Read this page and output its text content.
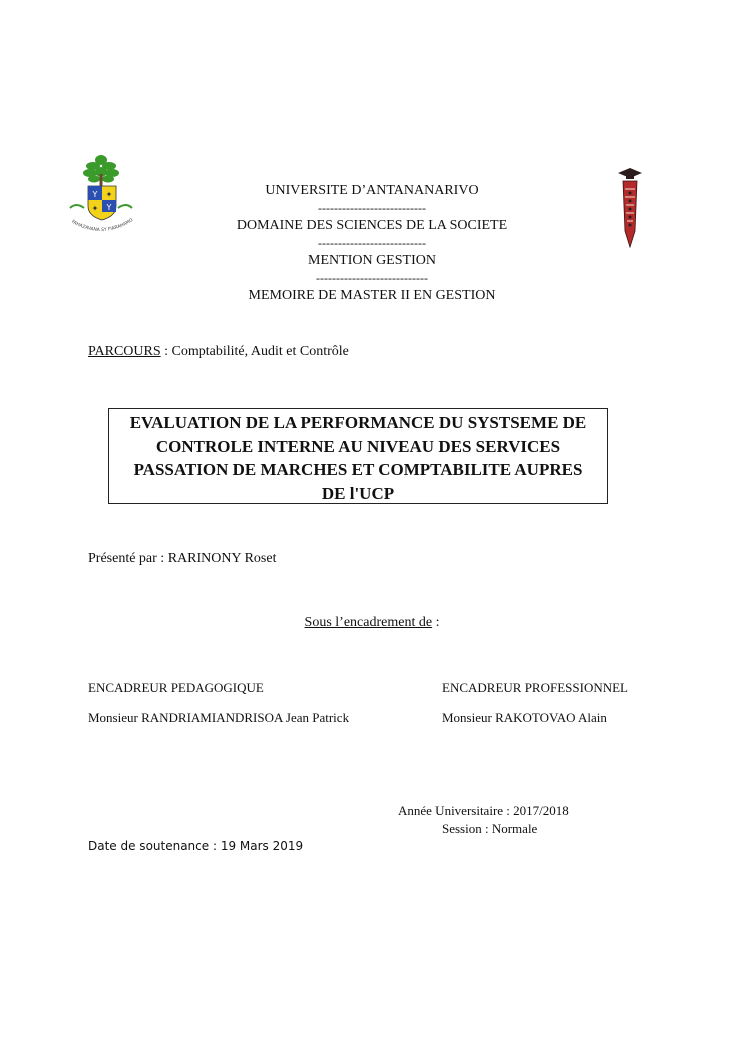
Y ✦
✦ Y
FAHAZAVANA SY FIARAHAMO
UNIVERSITE D’ANTANANARIVO
---------------------------
DOMAINE DES SCIENCES DE LA SOCIETE
---------------------------
MENTION GESTION
----------------------------
MEMOIRE DE MASTER II EN GESTION
PARCOURS : Comptabilité, Audit et Contrôle
EVALUATION DE LA PERFORMANCE DU SYSTSEME DE
CONTROLE INTERNE AU NIVEAU DES SERVICES
PASSATION DE MARCHES ET COMPTABILITE AUPRES
DE l'UCP
Présenté par : RARINONY Roset
Sous l’encadrement de :
ENCADREUR PEDAGOGIQUE
Monsieur RANDRIAMIANDRISOA Jean Patrick
ENCADREUR PROFESSIONNEL
Monsieur RAKOTOVAO Alain
Année Universitaire : 2017/2018
Session : Normale
Date de soutenance : 19 Mars 2019
